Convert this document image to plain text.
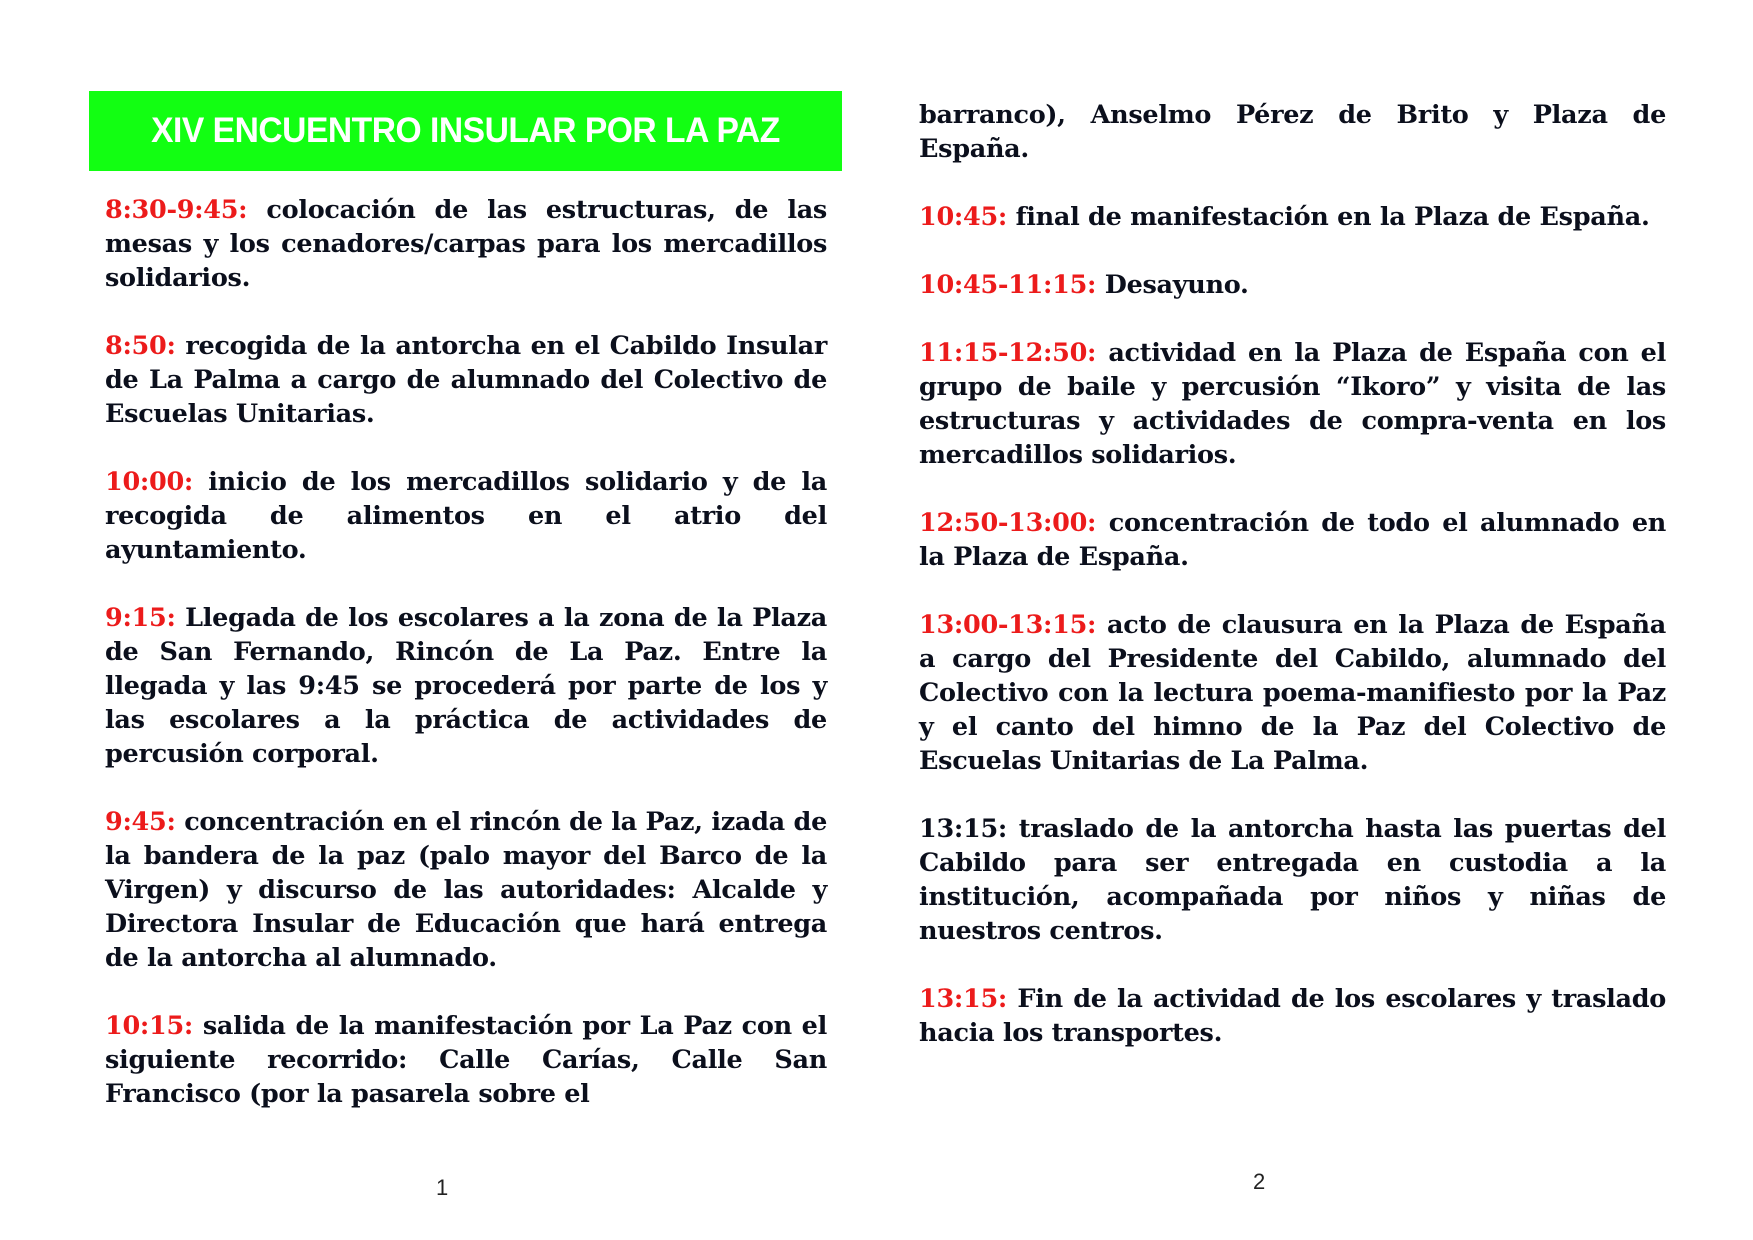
XIV ENCUENTRO INSULAR POR LA PAZ

8:30-9:45: colocación de las estructuras, de las mesas y los cenadores/carpas para los mercadillos solidarios.

8:50: recogida de la antorcha en el Cabildo Insular de La Palma a cargo de alumnado del Colectivo de Escuelas Unitarias.

10:00: inicio de los mercadillos solidario y de la recogida de alimentos en el atrio del ayuntamiento.

9:15: Llegada de los escolares a la zona de la Plaza de San Fernando, Rincón de La Paz. Entre la llegada y las 9:45 se procederá por parte de los y las escolares a la práctica de actividades de percusión corporal.

9:45: concentración en el rincón de la Paz, izada de la bandera de la paz (palo mayor del Barco de la Virgen) y discurso de las autoridades: Alcalde y Directora Insular de Educación que hará entrega de la antorcha al alumnado.

10:15: salida de la manifestación por La Paz con el siguiente recorrido: Calle Carías, Calle San Francisco (por la pasarela sobre el

1

barranco), Anselmo Pérez de Brito y Plaza de España.

10:45: final de manifestación en la Plaza de España.

10:45-11:15: Desayuno.

11:15-12:50: actividad en la Plaza de España con el grupo de baile y percusión “Ikoro” y visita de las estructuras y actividades de compra-venta en los mercadillos solidarios.

12:50-13:00: concentración de todo el alumnado en la Plaza de España.

13:00-13:15: acto de clausura en la Plaza de España a cargo del Presidente del Cabildo, alumnado del Colectivo con la lectura poema-manifiesto por la Paz y el canto del himno de la Paz del Colectivo de Escuelas Unitarias de La Palma.

13:15: traslado de la antorcha hasta las puertas del Cabildo para ser entregada en custodia a la institución, acompañada por niños y niñas de nuestros centros.

13:15: Fin de la actividad de los escolares y traslado hacia los transportes.

2
